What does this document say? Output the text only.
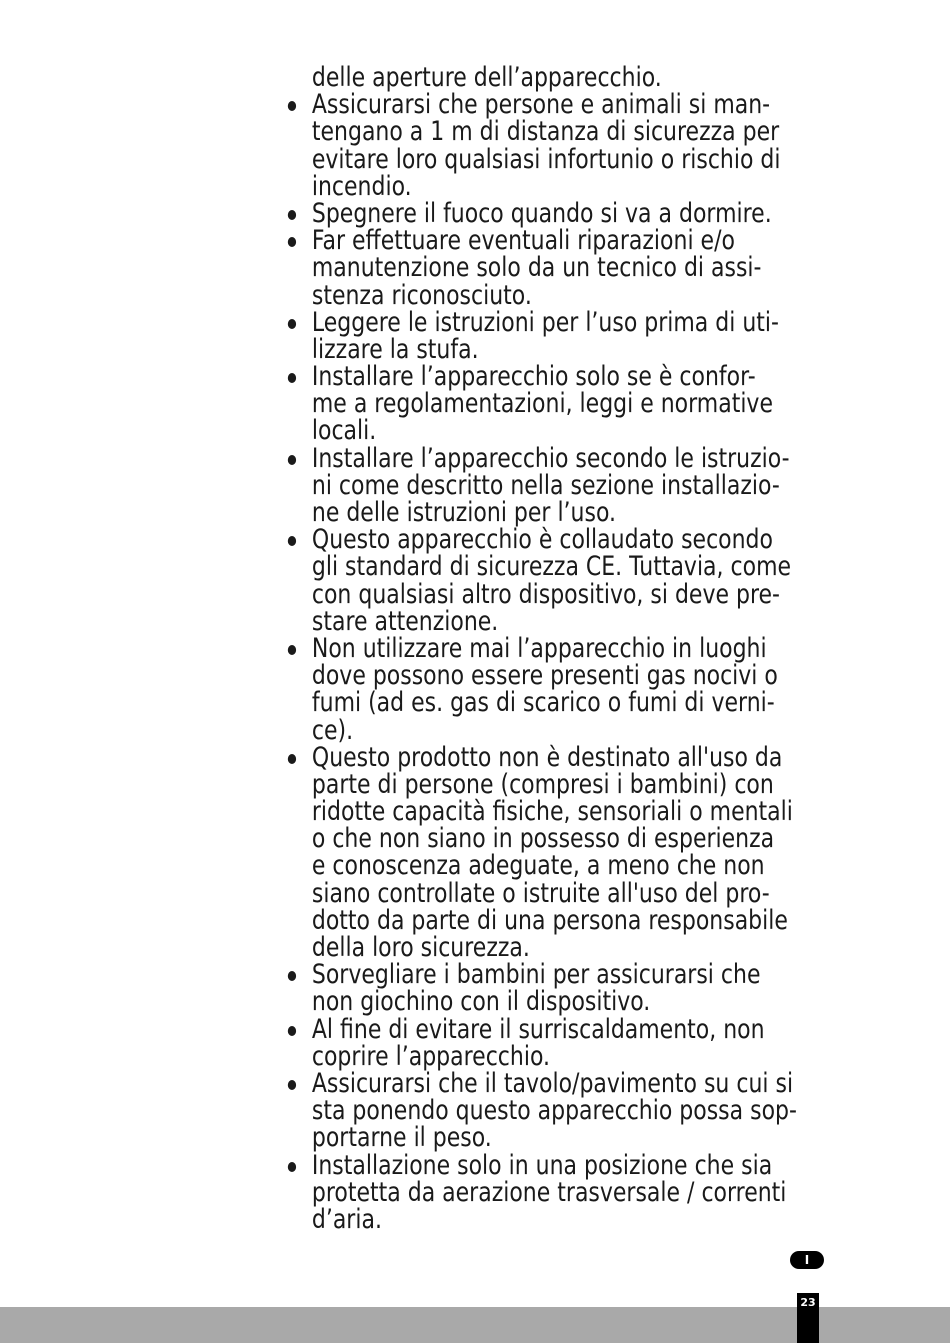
delle aperture dell’apparecchio.
Assicurarsi che persone e animali si man-
tengano a 1 m di distanza di sicurezza per
evitare loro qualsiasi infortunio o rischio di
incendio.
Spegnere il fuoco quando si va a dormire.
Far effettuare eventuali riparazioni e/o
manutenzione solo da un tecnico di assi-
stenza riconosciuto.
Leggere le istruzioni per l’uso prima di uti-
lizzare la stufa.
Installare l’apparecchio solo se è confor-
me a regolamentazioni, leggi e normative
locali.
Installare l’apparecchio secondo le istruzio-
ni come descritto nella sezione installazio-
ne delle istruzioni per l’uso.
Questo apparecchio è collaudato secondo
gli standard di sicurezza CE. Tuttavia, come
con qualsiasi altro dispositivo, si deve pre-
stare attenzione.
Non utilizzare mai l’apparecchio in luoghi
dove possono essere presenti gas nocivi o
fumi (ad es. gas di scarico o fumi di verni-
ce).
Questo prodotto non è destinato all'uso da
parte di persone (compresi i bambini) con
ridotte capacità fisiche, sensoriali o mentali
o che non siano in possesso di esperienza
e conoscenza adeguate, a meno che non
siano controllate o istruite all'uso del pro-
dotto da parte di una persona responsabile
della loro sicurezza.
Sorvegliare i bambini per assicurarsi che
non giochino con il dispositivo.
Al fine di evitare il surriscaldamento, non
coprire l’apparecchio.
Assicurarsi che il tavolo/pavimento su cui si
sta ponendo questo apparecchio possa sop-
portarne il peso.
Installazione solo in una posizione che sia
protetta da aerazione trasversale / correnti
d’aria.
I
23
